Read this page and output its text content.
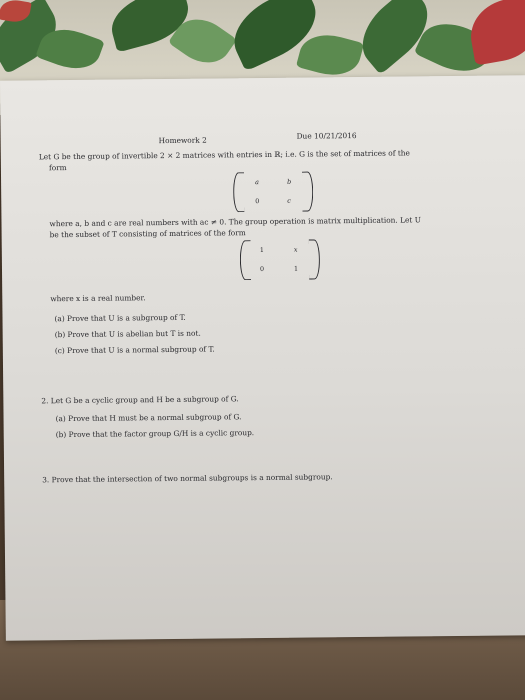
Homework 2	Due 10/21/2016
Let G be the group of invertible 2 × 2 matrices with entries in ℝ; i.e. G is the set of matrices of the
form
a	b
0	c
where a, b and c are real numbers with ac ≠ 0. The group operation is matrix multiplication. Let U
be the subset of T consisting of matrices of the form
1	x
0	1
where x is a real number.
(a) Prove that U is a subgroup of T.
(b) Prove that U is abelian but T is not.
(c) Prove that U is a normal subgroup of T.
2. Let G be a cyclic group and H be a subgroup of G.
(a) Prove that H must be a normal subgroup of G.
(b) Prove that the factor group G/H is a cyclic group.
3. Prove that the intersection of two normal subgroups is a normal subgroup.
